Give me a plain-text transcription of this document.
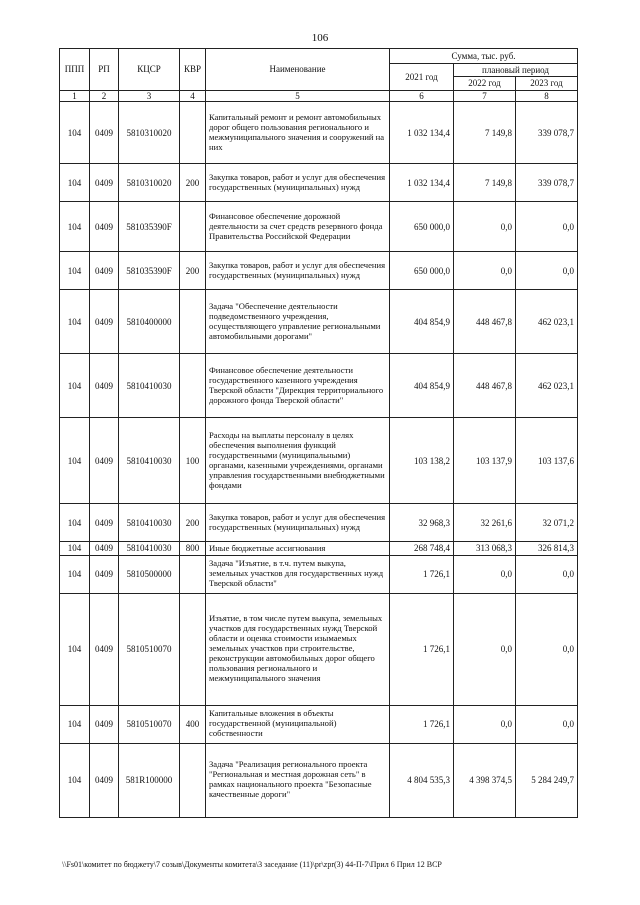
106
ППП	РП	КЦСР	КВР	Наименование	Сумма, тыс. руб.		
					2021 год	плановый период	
						2022 год	2023 год
1	2	3	4	5	6	7	8
104	0409	5810310020		Капитальный ремонт и ремонт автомобильных дорог общего пользования регионального и межмуниципального значения и сооружений на них	1 032 134,4	7 149,8	339 078,7
104	0409	5810310020	200	Закупка товаров, работ и услуг для обеспечения государственных (муниципальных) нужд	1 032 134,4	7 149,8	339 078,7
104	0409	581035390F		Финансовое обеспечение дорожной деятельности за счет средств резервного фонда Правительства Российской Федерации	650 000,0	0,0	0,0
104	0409	581035390F	200	Закупка товаров, работ и услуг для обеспечения государственных (муниципальных) нужд	650 000,0	0,0	0,0
104	0409	5810400000		Задача "Обеспечение деятельности подведомственного учреждения, осуществляющего управление региональными автомобильными дорогами"	404 854,9	448 467,8	462 023,1
104	0409	5810410030		Финансовое обеспечение деятельности государственного казенного учреждения Тверской области "Дирекция территориального дорожного фонда Тверской области"	404 854,9	448 467,8	462 023,1
104	0409	5810410030	100	Расходы на выплаты персоналу в целях обеспечения выполнения функций государственными (муниципальными) органами, казенными учреждениями, органами управления государственными внебюджетными фондами	103 138,2	103 137,9	103 137,6
104	0409	5810410030	200	Закупка товаров, работ и услуг для обеспечения государственных (муниципальных) нужд	32 968,3	32 261,6	32 071,2
104	0409	5810410030	800	Иные бюджетные ассигнования	268 748,4	313 068,3	326 814,3
104	0409	5810500000		Задача "Изъятие, в т.ч. путем выкупа, земельных участков для государственных нужд Тверской области"	1 726,1	0,0	0,0
104	0409	5810510070		Изъятие, в том числе путем выкупа, земельных участков для государственных нужд Тверской области и оценка стоимости изымаемых земельных участков при строительстве, реконструкции автомобильных дорог общего пользования регионального и межмуниципального значения	1 726,1	0,0	0,0
104	0409	5810510070	400	Капитальные вложения в объекты государственной (муниципальной) собственности	1 726,1	0,0	0,0
104	0409	581R100000		Задача "Реализация регионального проекта "Региональная и местная дорожная сеть" в рамках национального проекта "Безопасные качественные дороги"	4 804 535,3	4 398 374,5	5 284 249,7
\\Fs01\комитет по бюджету\7 созыв\Документы комитета\3 заседание (11)\pr\zpr(3) 44-П-7\Прил 6 Прил 12 ВСР
